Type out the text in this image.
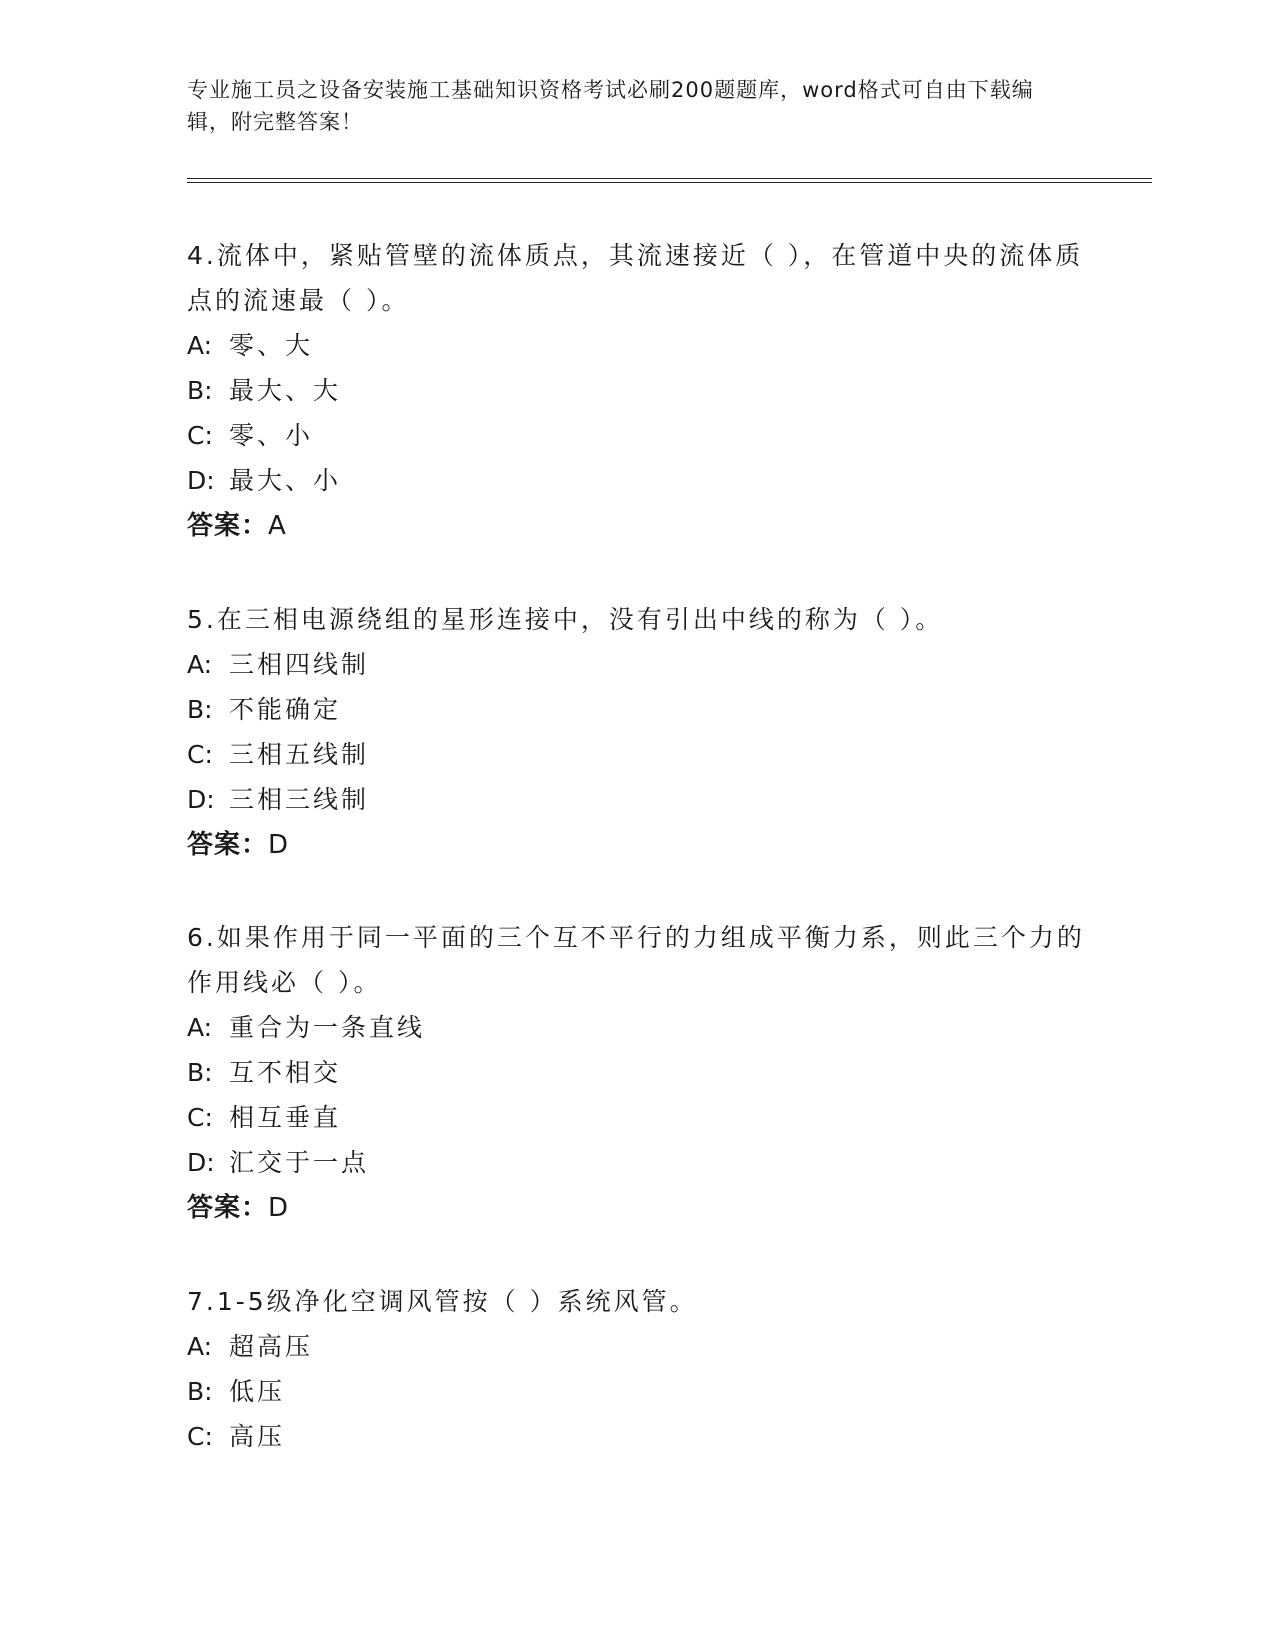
专业施工员之设备安装施工基础知识资格考试必刷200题题库，word格式可自由下载编辑，附完整答案！
4.流体中，紧贴管壁的流体质点，其流速接近（ ），在管道中央的流体质点的流速最（ ）。
A: 零、大
B: 最大、大
C: 零、小
D: 最大、小
答案：A
5.在三相电源绕组的星形连接中，没有引出中线的称为（ ）。
A: 三相四线制
B: 不能确定
C: 三相五线制
D: 三相三线制
答案：D
6.如果作用于同一平面的三个互不平行的力组成平衡力系，则此三个力的作用线必（ ）。
A: 重合为一条直线
B: 互不相交
C: 相互垂直
D: 汇交于一点
答案：D
7.1-5级净化空调风管按（ ）系统风管。
A: 超高压
B: 低压
C: 高压
